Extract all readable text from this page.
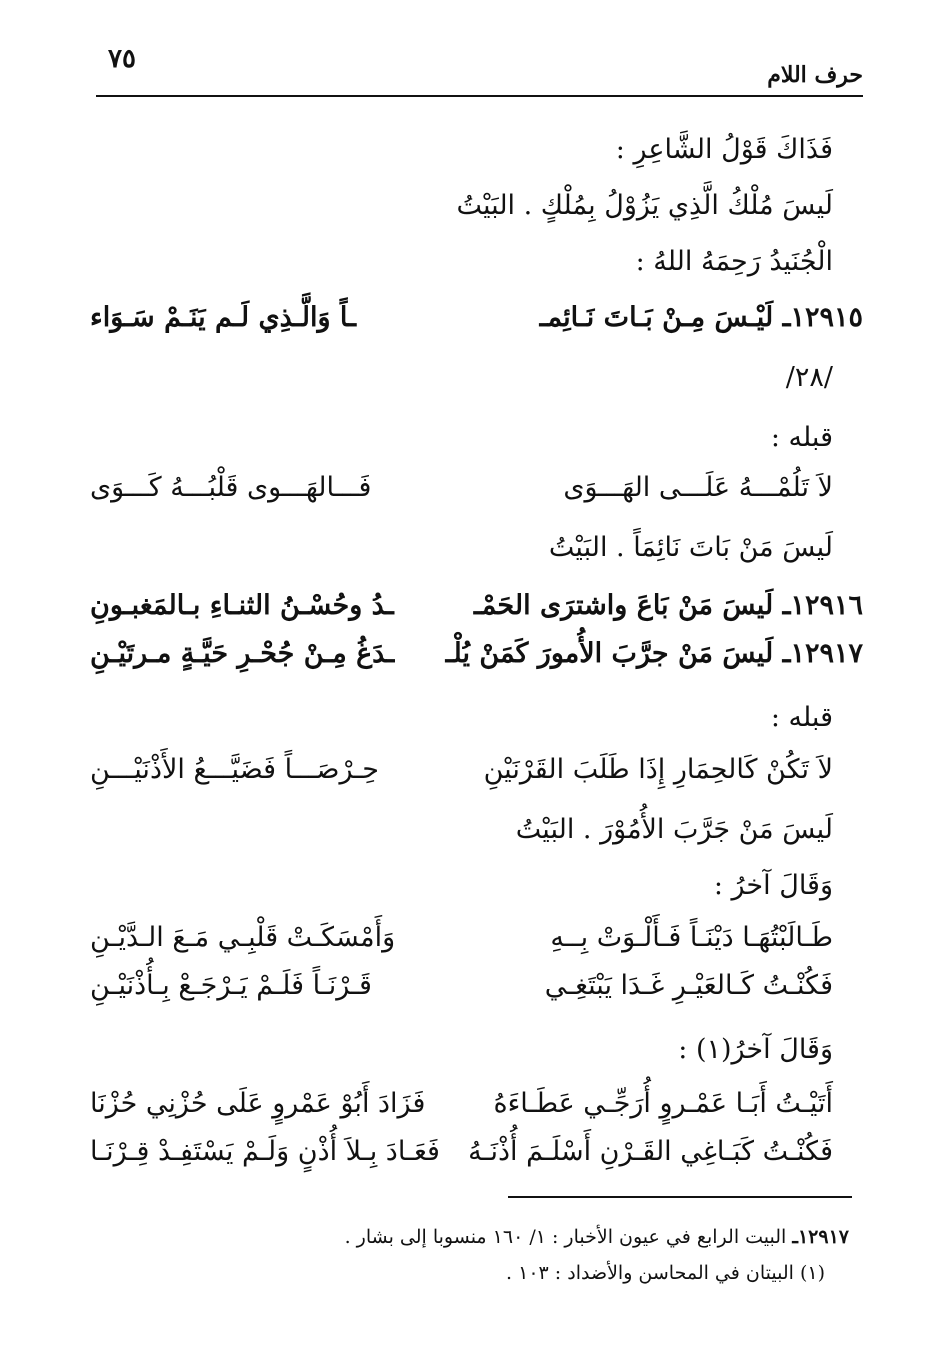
٧٥
حرف اللام
فَذَاكَ قَوْلُ الشَّاعِرِ :
لَيسَ مُلْكُ الَّذِي يَزُوْلُ بِمُلْكٍ . البَيْتُ
الْجُنَيدُ رَحِمَهُ اللهُ :
١٢٩١٥ـ لَيْـسَ مِـنْ بَـاتَ نَـائِمـ
ـاً وَالَّـذِي لَـم يَنَـمْ سَـوَاء
/٢٨/
قبله :
لاَ تَلُمْـــهُ عَلَـــى الهَـــوَى
فَـــالهَـــوى قَلْبُـــهُ كَـــوَى
لَيسَ مَنْ بَاتَ نَائِمَاً . البَيْتُ
١٢٩١٦ـ لَيسَ مَنْ بَاعَ واشترَى الحَمْـ
ـدُ وحُسْـنُ الثنـاءِ بـالمَغبـونِ
١٢٩١٧ـ لَيسَ مَنْ جرَّبَ الأُمورَ كَمَنْ يُلْـ
ـدَغُ مِـنْ جُحْـرِ حَيَّـةٍ مـرتَيْـنِ
قبله :
لاَ تَكُنْ كَالحِمَارِ إِذَا طَلَبَ القَرْنَيْنِ
حِـرْصَـــاً فَضَيَّـــعُ الأَذْنَيْـــنِ
لَيسَ مَنْ جَرَّبَ الأُمُوْرَ . البَيْتُ
وَقَالَ آخرُ :
طَـالَبْتُهَـا دَيْنَـاً فَـأَلْـوَتْ بِــهِ
وَأَمْسَكَـتْ قَلْبِـي مَـعَ الـدَّيْـنِ
فَكُنْـتُ كَـالعَيْـرِ غَـدَا يَبْتَغِـي
قَـرْنَـاً فَلَـمْ يَـرْجَـعْ بِـأُذْنَيْـنِ
وَقَالَ آخرُ(١) :
أَتَيْـتُ أَبَـا عَمْـروٍ أُرَجِّـي عَطَـاءَهُ
فَزَادَ أَبُوْ عَمْروٍ عَلَى حُزْنِي حُزْنَا
فَكُنْـتُ كَبَـاغِي القَـرْنِ أَسْلَـمَ أُذْنَـهُ
فَعَـادَ بِـلاَ أُذْنٍ وَلَـمْ يَسْتَفِـدْ قِـرْنَـا
١٢٩١٧ـ البيت الرابع في عيون الأخبار : ١/ ١٦٠ منسوبا إلى بشار .
(١) البيتان في المحاسن والأضداد : ١٠٣ .
